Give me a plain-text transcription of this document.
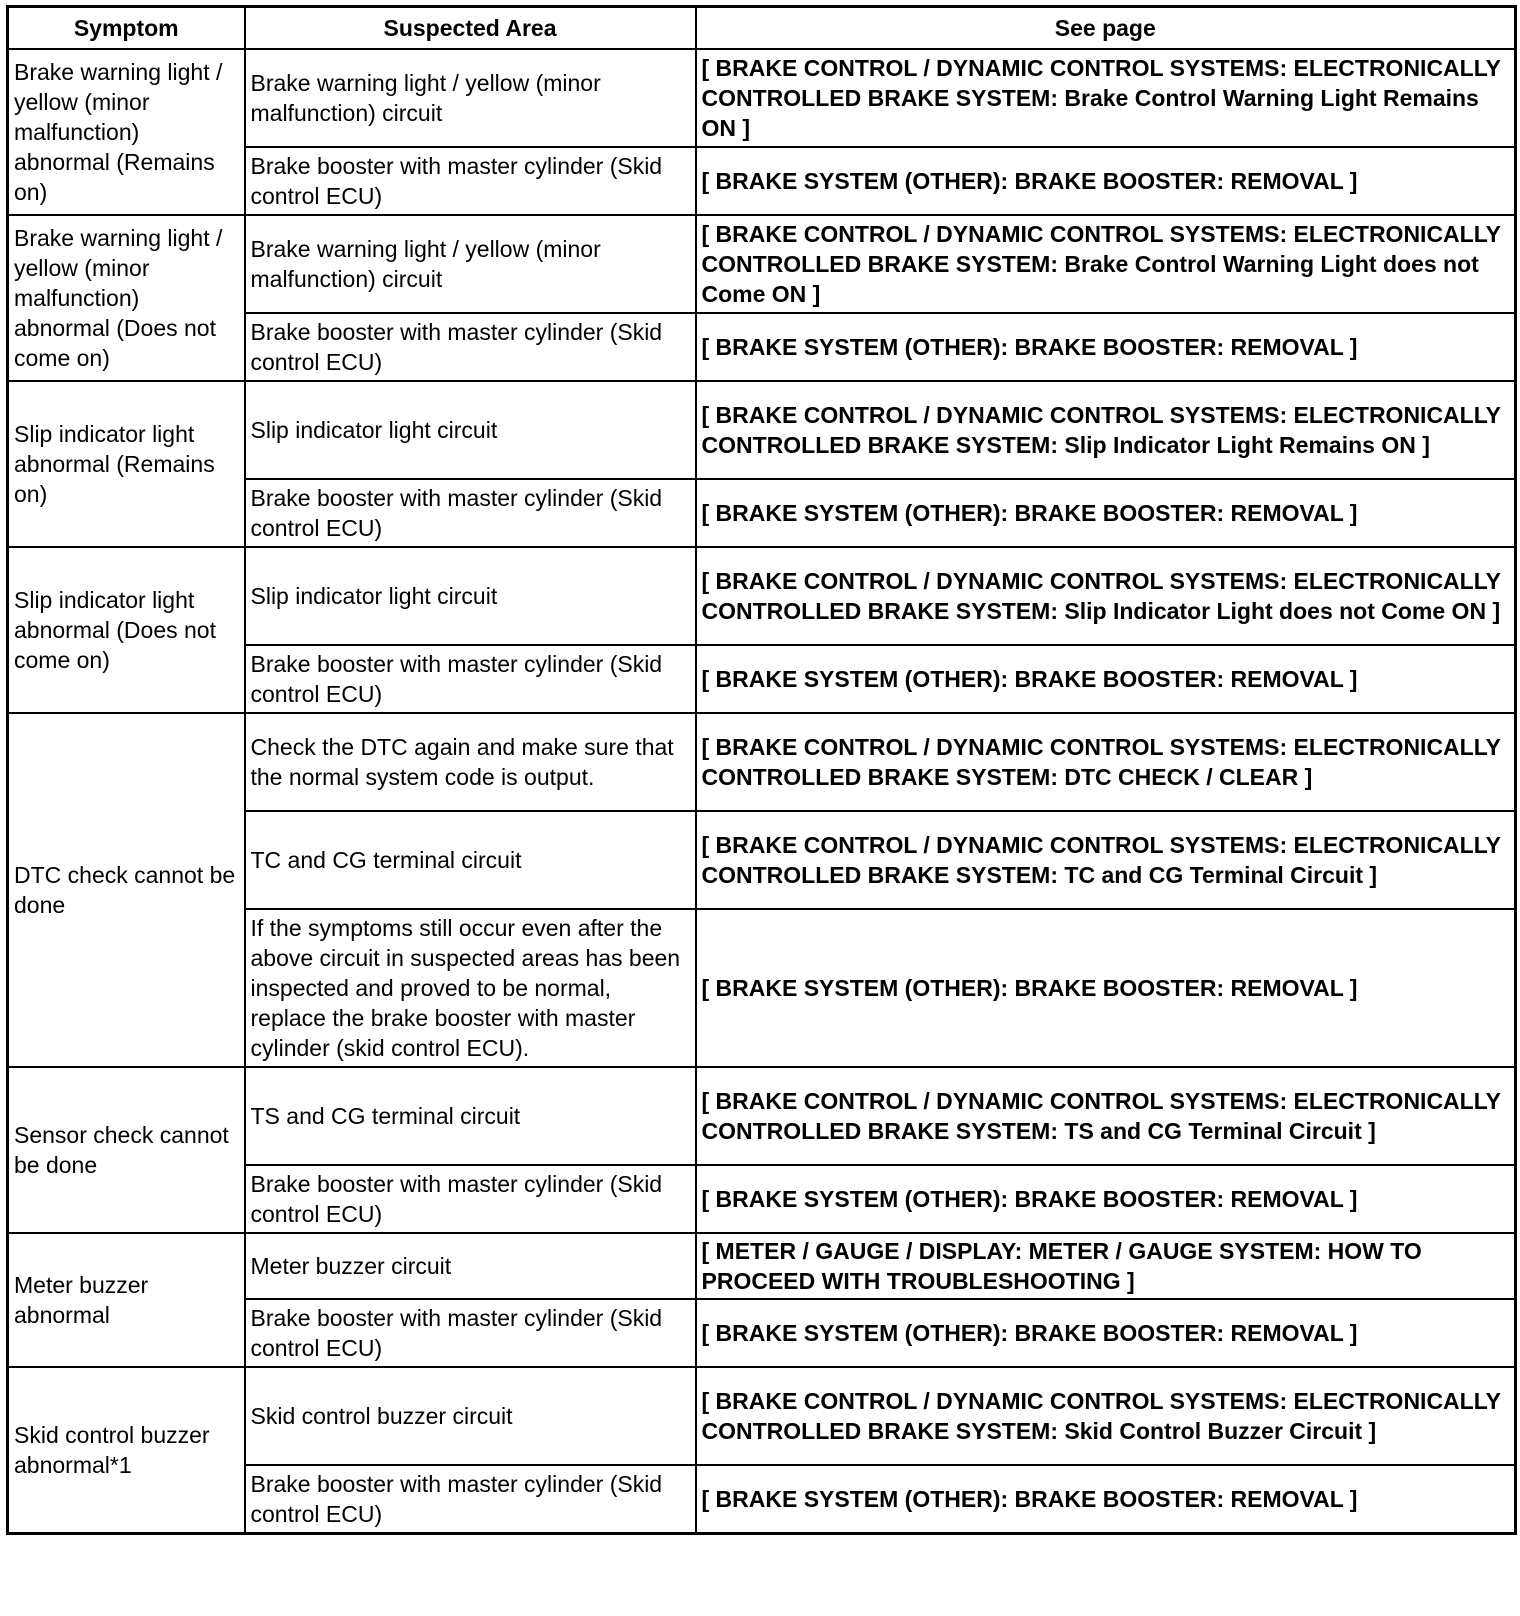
Symptom	Suspected Area	See page
Brake warning light / yellow (minor malfunction) abnormal (Remains on)	Brake warning light / yellow (minor malfunction) circuit	[ BRAKE CONTROL / DYNAMIC CONTROL SYSTEMS: ELECTRONICALLY CONTROLLED BRAKE SYSTEM: Brake Control Warning Light Remains ON ]
	Brake booster with master cylinder (Skid control ECU)	[ BRAKE SYSTEM (OTHER): BRAKE BOOSTER: REMOVAL ]
Brake warning light / yellow (minor malfunction) abnormal (Does not come on)	Brake warning light / yellow (minor malfunction) circuit	[ BRAKE CONTROL / DYNAMIC CONTROL SYSTEMS: ELECTRONICALLY CONTROLLED BRAKE SYSTEM: Brake Control Warning Light does not Come ON ]
	Brake booster with master cylinder (Skid control ECU)	[ BRAKE SYSTEM (OTHER): BRAKE BOOSTER: REMOVAL ]
Slip indicator light abnormal (Remains on)	Slip indicator light circuit	[ BRAKE CONTROL / DYNAMIC CONTROL SYSTEMS: ELECTRONICALLY CONTROLLED BRAKE SYSTEM: Slip Indicator Light Remains ON ]
	Brake booster with master cylinder (Skid control ECU)	[ BRAKE SYSTEM (OTHER): BRAKE BOOSTER: REMOVAL ]
Slip indicator light abnormal (Does not come on)	Slip indicator light circuit	[ BRAKE CONTROL / DYNAMIC CONTROL SYSTEMS: ELECTRONICALLY CONTROLLED BRAKE SYSTEM: Slip Indicator Light does not Come ON ]
	Brake booster with master cylinder (Skid control ECU)	[ BRAKE SYSTEM (OTHER): BRAKE BOOSTER: REMOVAL ]
DTC check cannot be done	Check the DTC again and make sure that the normal system code is output.	[ BRAKE CONTROL / DYNAMIC CONTROL SYSTEMS: ELECTRONICALLY CONTROLLED BRAKE SYSTEM: DTC CHECK / CLEAR ]
	TC and CG terminal circuit	[ BRAKE CONTROL / DYNAMIC CONTROL SYSTEMS: ELECTRONICALLY CONTROLLED BRAKE SYSTEM: TC and CG Terminal Circuit ]
	If the symptoms still occur even after the above circuit in suspected areas has been inspected and proved to be normal, replace the brake booster with master cylinder (skid control ECU).	[ BRAKE SYSTEM (OTHER): BRAKE BOOSTER: REMOVAL ]
Sensor check cannot be done	TS and CG terminal circuit	[ BRAKE CONTROL / DYNAMIC CONTROL SYSTEMS: ELECTRONICALLY CONTROLLED BRAKE SYSTEM: TS and CG Terminal Circuit ]
	Brake booster with master cylinder (Skid control ECU)	[ BRAKE SYSTEM (OTHER): BRAKE BOOSTER: REMOVAL ]
Meter buzzer abnormal	Meter buzzer circuit	[ METER / GAUGE / DISPLAY: METER / GAUGE SYSTEM: HOW TO PROCEED WITH TROUBLESHOOTING ]
	Brake booster with master cylinder (Skid control ECU)	[ BRAKE SYSTEM (OTHER): BRAKE BOOSTER: REMOVAL ]
Skid control buzzer abnormal*1	Skid control buzzer circuit	[ BRAKE CONTROL / DYNAMIC CONTROL SYSTEMS: ELECTRONICALLY CONTROLLED BRAKE SYSTEM: Skid Control Buzzer Circuit ]
	Brake booster with master cylinder (Skid control ECU)	[ BRAKE SYSTEM (OTHER): BRAKE BOOSTER: REMOVAL ]
